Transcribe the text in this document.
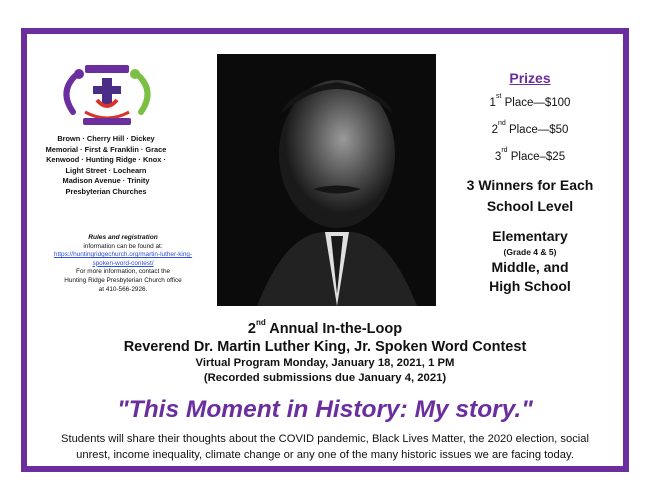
Brown · Cherry Hill · Dickey
Memorial · First & Franklin · Grace
Kenwood · Hunting Ridge · Knox ·
Light Street · Lochearn
Madison Avenue · Trinity
Presbyterian Churches
Rules and registration
information can be found at:
https://huntingridgechurch.org/martin-luther-king-
spoken-word-contest/
For more information, contact the
Hunting Ridge Presbyterian Church office
at 410-566-2926.
Prizes
1st Place—$100
2nd Place—$50
3rd Place–$25
3 Winners for Each
School Level
Elementary
(Grade 4 & 5)
Middle, and
High School
2nd Annual In-the-Loop
Reverend Dr. Martin Luther King, Jr. Spoken Word Contest
Virtual Program Monday, January 18, 2021, 1 PM
(Recorded submissions due January 4, 2021)
"This Moment in History: My story."
Students will share their thoughts about the COVID pandemic, Black Lives Matter, the 2020 election, social
unrest, income inequality, climate change or any one of the many historic issues we are facing today.
